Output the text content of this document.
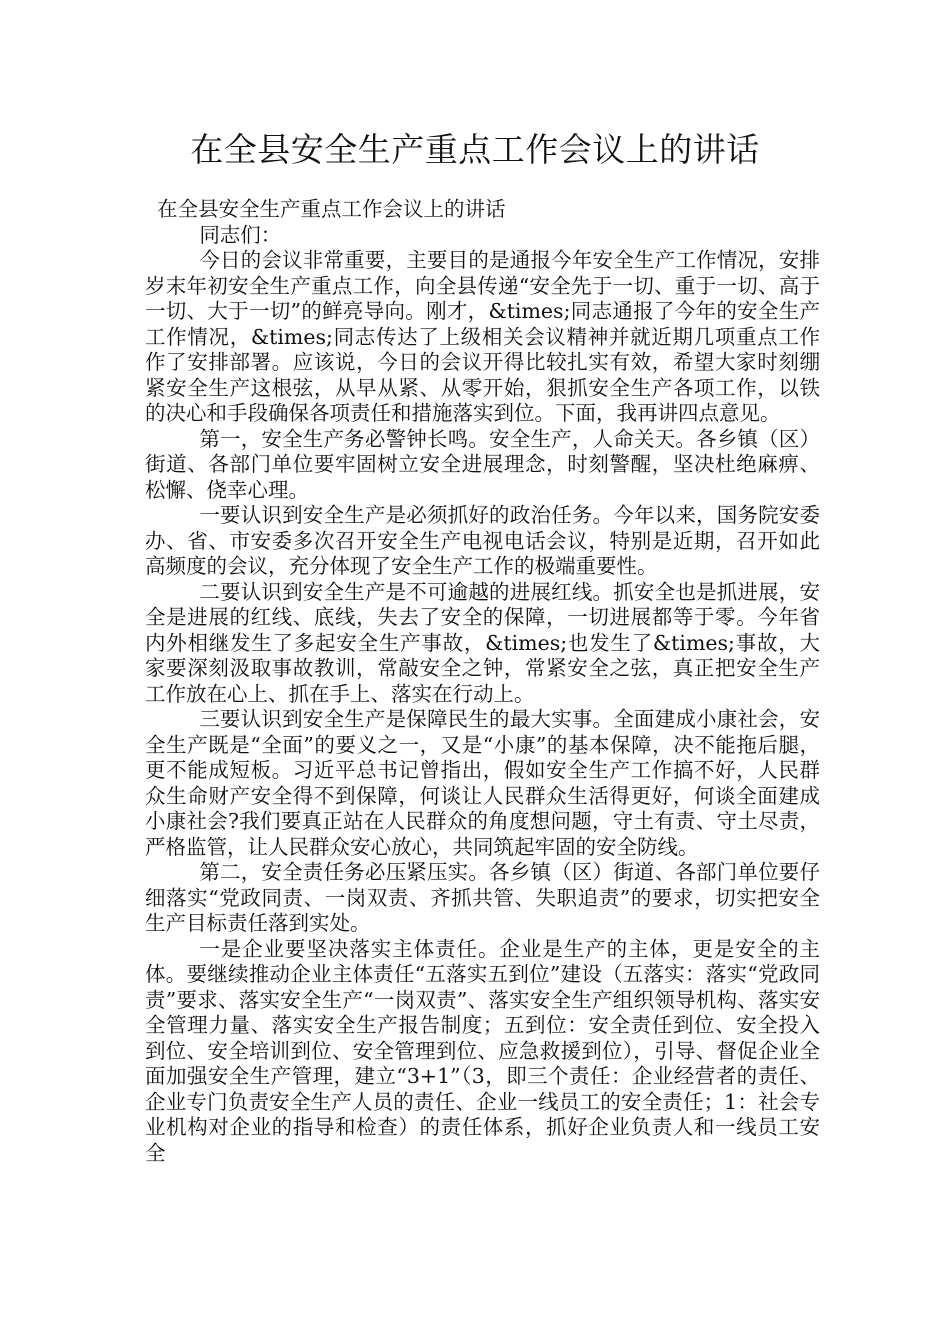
在全县安全生产重点工作会议上的讲话

在全县安全生产重点工作会议上的讲话

同志们：

今日的会议非常重要，主要目的是通报今年安全生产工作情况，安排岁末年初安全生产重点工作，向全县传递“安全先于一切、重于一切、高于一切、大于一切”的鲜亮导向。刚才，&times;同志通报了今年的安全生产工作情况，&times;同志传达了上级相关会议精神并就近期几项重点工作作了安排部署。应该说，今日的会议开得比较扎实有效，希望大家时刻绷紧安全生产这根弦，从早从紧、从零开始，狠抓安全生产各项工作，以铁的决心和手段确保各项责任和措施落实到位。下面，我再讲四点意见。

第一，安全生产务必警钟长鸣。安全生产，人命关天。各乡镇（区）街道、各部门单位要牢固树立安全进展理念，时刻警醒，坚决杜绝麻痹、松懈、侥幸心理。

一要认识到安全生产是必须抓好的政治任务。今年以来，国务院安委办、省、市安委多次召开安全生产电视电话会议，特别是近期，召开如此高频度的会议，充分体现了安全生产工作的极端重要性。

二要认识到安全生产是不可逾越的进展红线。抓安全也是抓进展，安全是进展的红线、底线，失去了安全的保障，一切进展都等于零。今年省内外相继发生了多起安全生产事故，&times;也发生了&times;事故，大家要深刻汲取事故教训，常敲安全之钟，常紧安全之弦，真正把安全生产工作放在心上、抓在手上、落实在行动上。

三要认识到安全生产是保障民生的最大实事。全面建成小康社会，安全生产既是“全面”的要义之一，又是“小康”的基本保障，决不能拖后腿，更不能成短板。习近平总书记曾指出，假如安全生产工作搞不好，人民群众生命财产安全得不到保障，何谈让人民群众生活得更好，何谈全面建成小康社会?我们要真正站在人民群众的角度想问题，守土有责、守土尽责，严格监管，让人民群众安心放心，共同筑起牢固的安全防线。

第二，安全责任务必压紧压实。各乡镇（区）街道、各部门单位要仔细落实“党政同责、一岗双责、齐抓共管、失职追责”的要求，切实把安全生产目标责任落到实处。

一是企业要坚决落实主体责任。企业是生产的主体，更是安全的主体。要继续推动企业主体责任“五落实五到位”建设（五落实：落实“党政同责”要求、落实安全生产“一岗双责”、落实安全生产组织领导机构、落实安全管理力量、落实安全生产报告制度；五到位：安全责任到位、安全投入到位、安全培训到位、安全管理到位、应急救援到位），引导、督促企业全面加强安全生产管理，建立“3+1”（3，即三个责任：企业经营者的责任、企业专门负责安全生产人员的责任、企业一线员工的安全责任；1：社会专业机构对企业的指导和检查）的责任体系，抓好企业负责人和一线员工安全
